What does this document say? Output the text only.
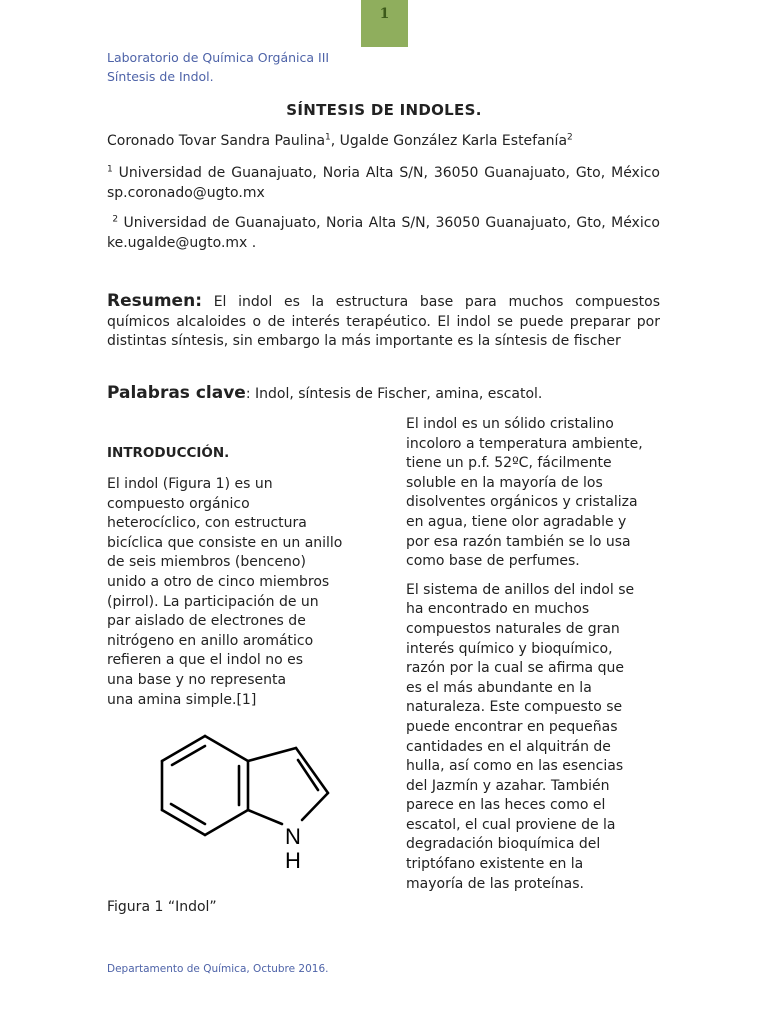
1
Laboratorio de Química Orgánica III
Síntesis de Indol.
SÍNTESIS DE INDOLES.
Coronado Tovar Sandra Paulina$^1$, Ugalde González Karla Estefanía$^2$
$^1$ Universidad de Guanajuato, Noria Alta S/N, 36050 Guanajuato, Gto, México sp.coronado@ugto.mx
$^2$ Universidad de Guanajuato, Noria Alta S/N, 36050 Guanajuato, Gto, México ke.ugalde@ugto.mx .
Resumen: El indol es la estructura base para muchos compuestos químicos alcaloides o de interés terapéutico. El indol se puede preparar por distintas síntesis, sin embargo la más importante es la síntesis de fischer
Palabras clave: Indol, síntesis de Fischer, amina, escatol.
INTRODUCCIÓN.
El indol (Figura 1) es un
compuesto orgánico
heterocíclico, con estructura
bicíclica que consiste en un anillo
de seis miembros (benceno)
unido a otro de cinco miembros
(pirrol). La participación de un
par aislado de electrones de
nitrógeno en anillo aromático
refieren a que el indol no es
una base y no representa
una amina simple.[1]
N
H
Figura 1 “Indol”

El indol es un sólido cristalino
incoloro a temperatura ambiente,
tiene un p.f. 52ºC, fácilmente
soluble en la mayoría de los
disolventes orgánicos y cristaliza
en agua, tiene olor agradable y
por esa razón también se lo usa
como base de perfumes.

El sistema de anillos del indol se
ha encontrado en muchos
compuestos naturales de gran
interés químico y bioquímico,
razón por la cual se afirma que
es el más abundante en la
naturaleza. Este compuesto se
puede encontrar en pequeñas
cantidades en el alquitrán de
hulla, así como en las esencias
del Jazmín y azahar. También
parece en las heces como el
escatol, el cual proviene de la
degradación bioquímica del
triptófano existente en la
mayoría de las proteínas.

Departamento de Química, Octubre 2016.
